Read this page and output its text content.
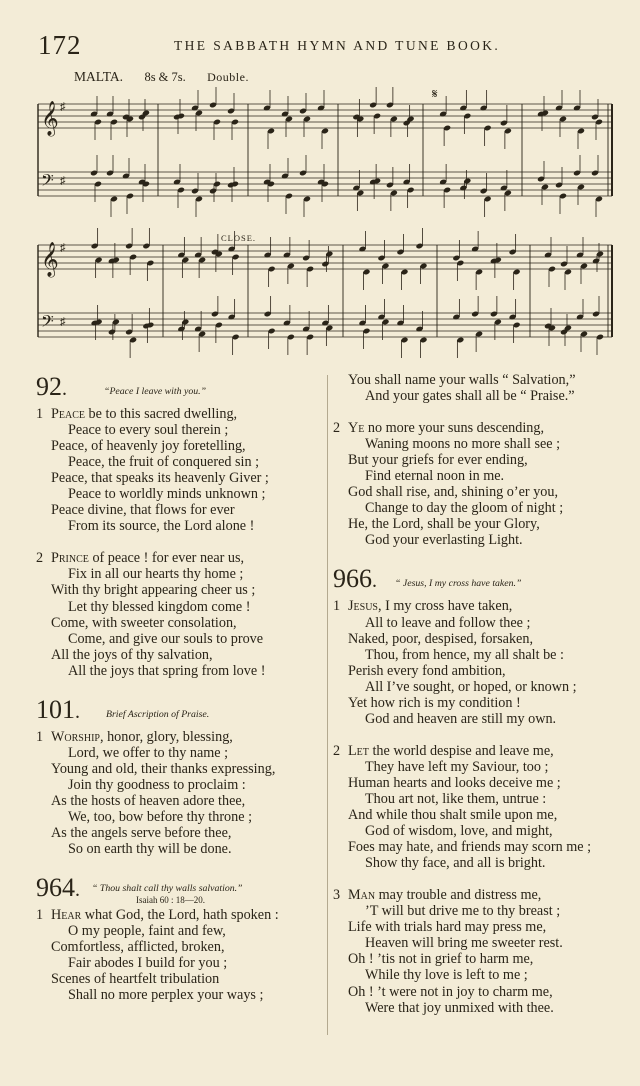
172	THE SABBATH HYMN AND TUNE BOOK.
MALTA. 8s & 7s. Double.
𝄞 ♯
𝄢 ♯
𝄞 ♯
𝄢 ♯
𝄋
CLOSE.
92.	“Peace I leave with you.”
1 Peace be to this sacred dwelling,
Peace to every soul therein ;
Peace, of heavenly joy foretelling,
Peace, the fruit of conquered sin ;
Peace, that speaks its heavenly Giver ;
Peace to worldly minds unknown ;
Peace divine, that flows for ever
From its source, the Lord alone !
2 Prince of peace ! for ever near us,
Fix in all our hearts thy home ;
With thy bright appearing cheer us ;
Let thy blessed kingdom come !
Come, with sweeter consolation,
Come, and give our souls to prove
All the joys of thy salvation,
All the joys that spring from love !
101.	Brief Ascription of Praise.
1 Worship, honor, glory, blessing,
Lord, we offer to thy name ;
Young and old, their thanks expressing,
Join thy goodness to proclaim :
As the hosts of heaven adore thee,
We, too, bow before thy throne ;
As the angels serve before thee,
So on earth thy will be done.
964. “ Thou shalt call thy walls salvation.”
Isaiah 60 : 18—20.
1 Hear what God, the Lord, hath spoken :
O my people, faint and few,
Comfortless, afflicted, broken,
Fair abodes I build for you ;
Scenes of heartfelt tribulation
Shall no more perplex your ways ;
You shall name your walls “ Salvation,”
And your gates shall all be “ Praise.”
2 Ye no more your suns descending,
Waning moons no more shall see ;
But your griefs for ever ending,
Find eternal noon in me.
God shall rise, and, shining o’er you,
Change to day the gloom of night ;
He, the Lord, shall be your Glory,
God your everlasting Light.
966. “ Jesus, I my cross have taken.”
1 Jesus, I my cross have taken,
All to leave and follow thee ;
Naked, poor, despised, forsaken,
Thou, from hence, my all shalt be :
Perish every fond ambition,
All I’ve sought, or hoped, or known ;
Yet how rich is my condition !
God and heaven are still my own.
2 Let the world despise and leave me,
They have left my Saviour, too ;
Human hearts and looks deceive me ;
Thou art not, like them, untrue :
And while thou shalt smile upon me,
God of wisdom, love, and might,
Foes may hate, and friends may scorn me ;
Show thy face, and all is bright.
3 Man may trouble and distress me,
’T will but drive me to thy breast ;
Life with trials hard may press me,
Heaven will bring me sweeter rest.
Oh ! ’tis not in grief to harm me,
While thy love is left to me ;
Oh ! ’t were not in joy to charm me,
Were that joy unmixed with thee.
